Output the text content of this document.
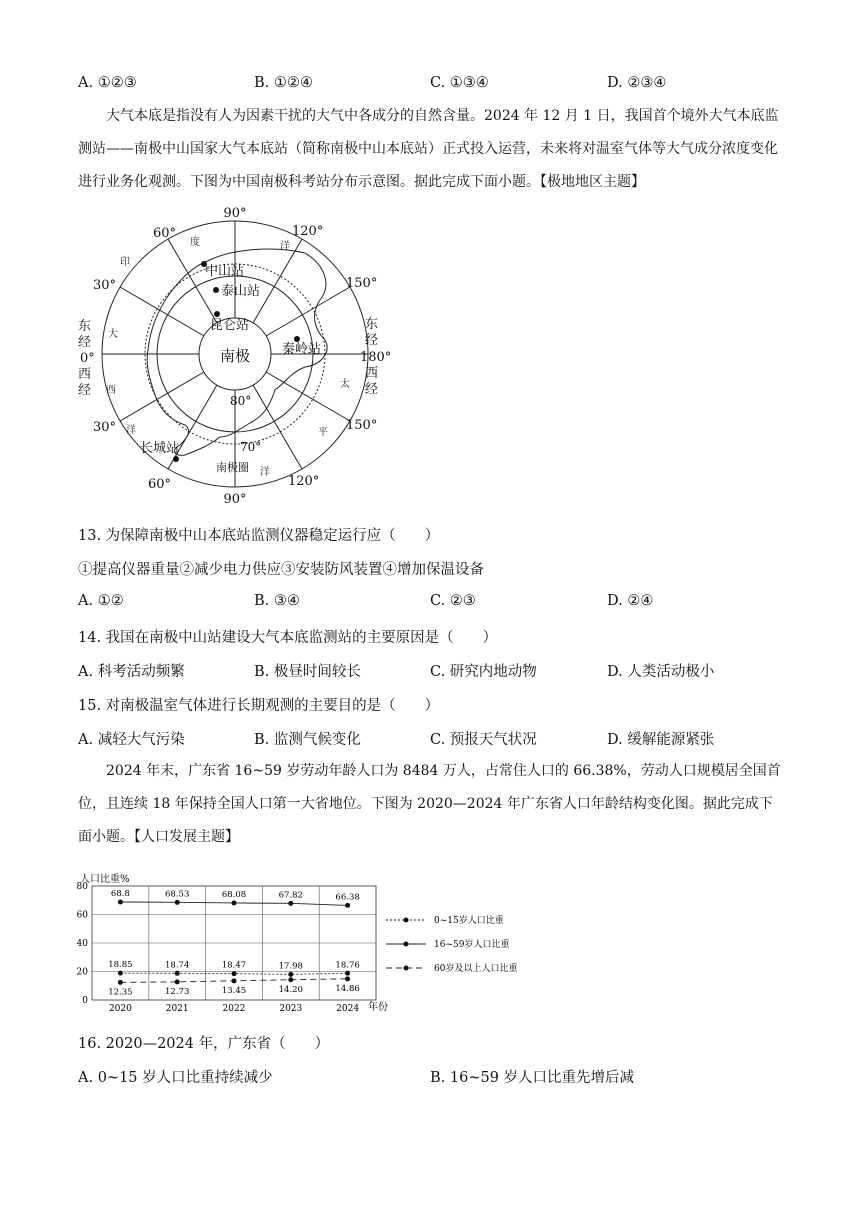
A. ①②③	B. ①②④	C. ①③④	D. ②③④
大气本底是指没有人为因素干扰的大气中各成分的自然含量。2024 年 12 月 1 日，我国首个境外大气本底监测站——南极中山国家大气本底站（简称南极中山本底站）正式投入运营，未来将对温室气体等大气成分浓度变化进行业务化观测。下图为中国南极科考站分布示意图。据此完成下面小题。【极地地区主题】
90°
90°
60°	120°
30°	150°
30°	150°
60°	120°
东
经
0°
西
经
东
经
180°
西
经
印
度	洋
大
西
洋
太
平
洋
中山站
泰山站
昆仑站
秦岭站
长城站
南极
80°
70°
南极圈
13. 为保障南极中山本底站监测仪器稳定运行应（　　）
①提高仪器重量②减少电力供应③安装防风装置④增加保温设备
A. ①②	B. ③④	C. ②③	D. ②④
14. 我国在南极中山站建设大气本底监测站的主要原因是（　　）
A. 科考活动频繁	B. 极昼时间较长	C. 研究内地动物	D. 人类活动极小
15. 对南极温室气体进行长期观测的主要目的是（　　）
A. 减轻大气污染	B. 监测气候变化	C. 预报天气状况	D. 缓解能源紧张
2024 年末，广东省 16~59 岁劳动年龄人口为 8484 万人，占常住人口的 66.38%，劳动人口规模居全国首位，且连续 18 年保持全国人口第一大省地位。下图为 2020—2024 年广东省人口年龄结构变化图。据此完成下面小题。【人口发展主题】
人口比重%
年份
0
20
40
60
80
2020	2021	2022	2023	2024
18.85	18.74	18.47	17.98	18.76
68.8	68.53	68.08	67.82	66.38
12.35	12.73	13.45	14.20	14.86
0~15岁人口比重
16~59岁人口比重
60岁及以上人口比重
16. 2020—2024 年，广东省（　　）
A. 0~15 岁人口比重持续减少	B. 16~59 岁人口比重先增后减
